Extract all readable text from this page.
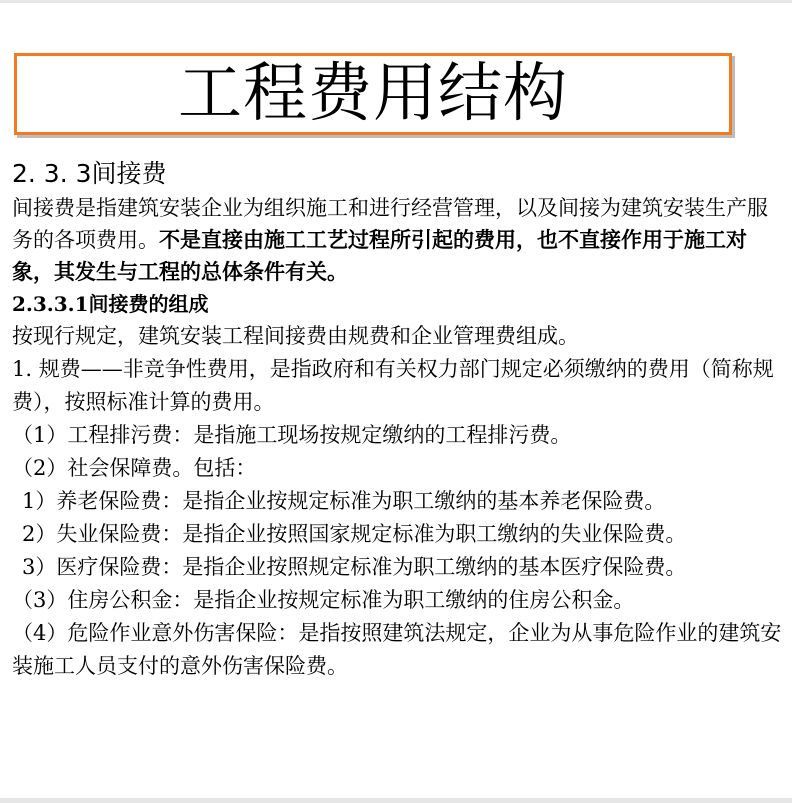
工程费用结构

2. 3. 3间接费

间接费是指建筑安装企业为组织施工和进行经营管理，以及间接为建筑安装生产服务的各项费用。不是直接由施工工艺过程所引起的费用，也不直接作用于施工对象，其发生与工程的总体条件有关。

2.3.3.1间接费的组成

按现行规定，建筑安装工程间接费由规费和企业管理费组成。

1. 规费——非竞争性费用，是指政府和有关权力部门规定必须缴纳的费用（简称规费），按照标准计算的费用。

（1）工程排污费：是指施工现场按规定缴纳的工程排污费。

（2）社会保障费。包括：

1）养老保险费：是指企业按规定标准为职工缴纳的基本养老保险费。

2）失业保险费：是指企业按照国家规定标准为职工缴纳的失业保险费。

3）医疗保险费：是指企业按照规定标准为职工缴纳的基本医疗保险费。

（3）住房公积金：是指企业按规定标准为职工缴纳的住房公积金。

（4）危险作业意外伤害保险：是指按照建筑法规定，企业为从事危险作业的建筑安装施工人员支付的意外伤害保险费。
